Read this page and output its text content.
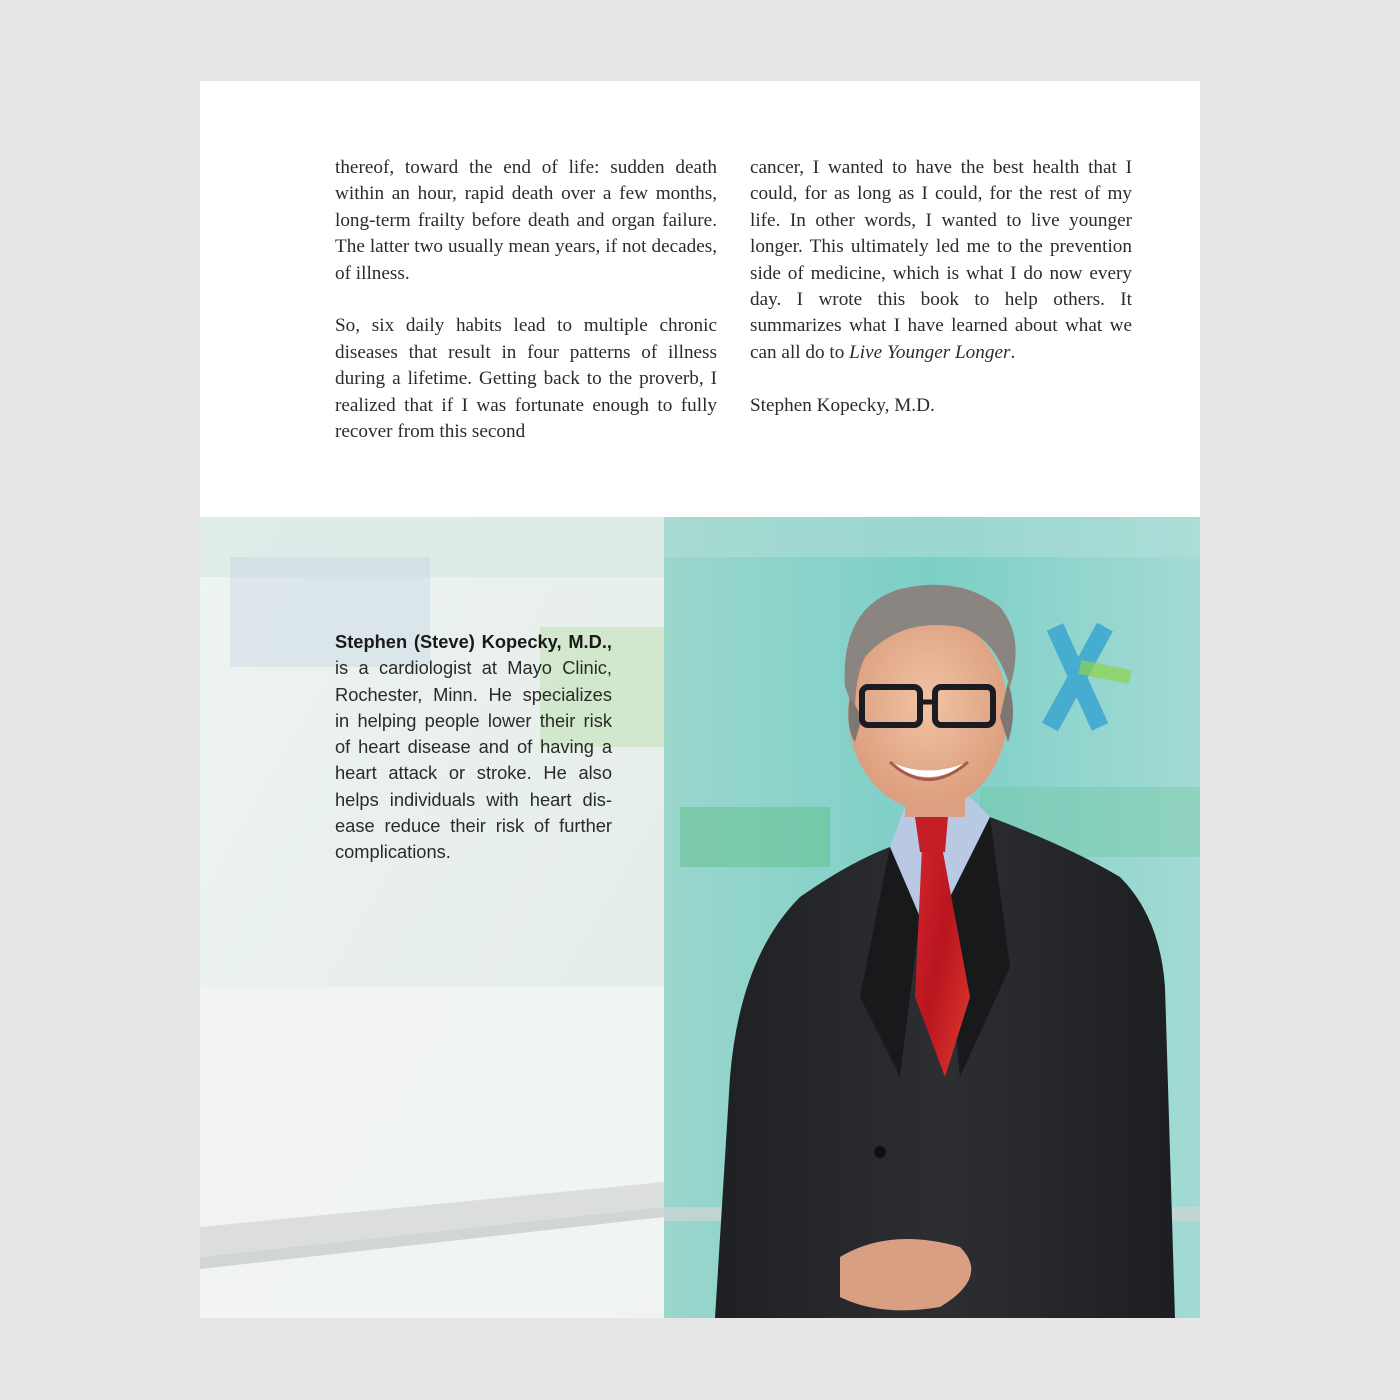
thereof, toward the end of life: sudden death within an hour, rapid death over a few months, long-term frailty before death and organ failure. The latter two usually mean years, if not decades, of illness.

So, six daily habits lead to multiple chronic diseases that result in four patterns of illness during a lifetime. Getting back to the proverb, I realized that if I was fortunate enough to fully recover from this second

cancer, I wanted to have the best health that I could, for as long as I could, for the rest of my life. In other words, I wanted to live younger longer. This ultimately led me to the prevention side of medicine, which is what I do now every day. I wrote this book to help others. It summarizes what I have learned about what we can all do to Live Younger Longer.

Stephen Kopecky, M.D.

Stephen (Steve) Kopecky, M.D., is a cardiologist at Mayo Clinic, Rochester, Minn. He specializes in helping people lower their risk of heart disease and of having a heart attack or stroke. He also helps individuals with heart disease reduce their risk of further complications.
